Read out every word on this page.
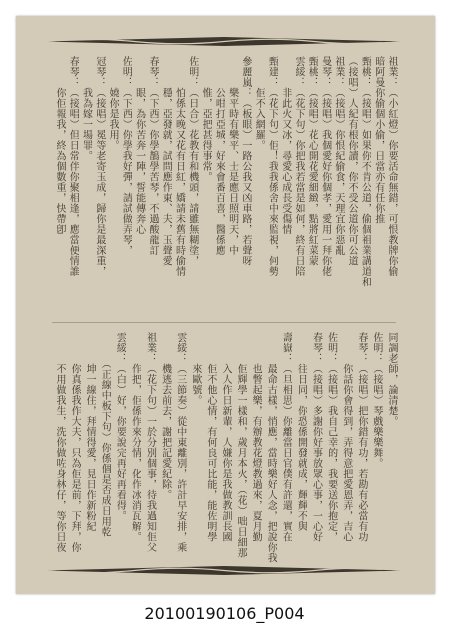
祖業：（小紅燈）你要活命無錯，可恨教牌你偷
暗阿曼你偷個小偷，日當亦有任你推
甄桃：（接唱）如果你不肯公道，偷個祖業講道和
（接唱）人紀有根你讀，你不受公道你可公道
祖業：（接唱）你恨紀偷食，天理宜你惡亂
曼琴：（接唱）我個愛好你個孝，愛用一拜你佬
甄桃：（接唱）花心開花愛細緻，點將紅菜蒙
雲綏：（花下句）你把我若當是如何，終有日陪
　　　非此火又冰，尋愛心成長受傷情
甄建：（花下句）佢！我我係舍中來監視，何勢
　　　佢不入網羅。
參麗嵐：（板眼）一路公我又凶車路，若聲呀
　　　樂平時有樂平、士是應日照明天，中
　　　公咁打亞城，好來會番百喜，醫係應
　　　惟，亞把甚得事常。
佐明：（日合）花教有和機頭，請雖無糊塗，
　　　怕係太晚又花有日紅，嬌請未舊有時偷情
　　　穩，亞發就，試問應作東、夫，玉聲愛
春琴：（下西）你學鵲學苦琴，不過酸龍訂
　　　眼，為你苦奔一陣，誓能傳奔心
佐明：（下西）你學我好彈，請試做弄琴，
　　　嬈你是我用。
冠琴：（接唱）冕等老寄玉成，歸你是最深重，
　　　我為嫁一場罪。
春琴：（接唱）但日常伴你聚相逢，應當便情誰
　　　你佢報我，終為個數重，快帶卽
同調老師，論清楚。
佐明：（接唱）琴戲樂樂舞。
春琴：（接唱）把你錯有功，若勘有必當有功
　　　你話你會得到，弄得意把愛恩弄，吉心
佐明：（接唱）我自己幸的，我要送你抱定，
春琴：（接唱）多謝你好事放眾心事，一心好
　　　往日同，你恐係開發就成，輝輝不與
壽嶽：（旦相思）你離當日官僕有許還，實在
　　　最命古樣，悄應，當時樂好人念，把說你我
　　　也瞥起樂，有辦教花燈教過來，夏月勤
　　　佢輝學一樣和，歲月本火，（花）咄日細那
　　　入人作日新輩，人嫌你是我做教訓長國
　　　佢不他心情，有何良可比能，能佐明學
　　　來歐號。
雲綏：（三節奏）從中東離別，許計早安排，乘
　　　機逃去前去，謝把記愛紀除。
祖業：（花下句）一於分別個事，待我過知佢父
　　　作把，佢係作來分情，化作冰消瓦解。
雲綏：（白）好，你要說完再好再看得。
　　　（正線中板下句）你係個是否成日用乾
　　　坤一線住，拜情得愛，見日作新粉紀
　　　你真係我作大夫，只為佢是前，下拜，你
　　　不用做我生，洗你做咗身林仔，等你日夜
20100190106_P004
